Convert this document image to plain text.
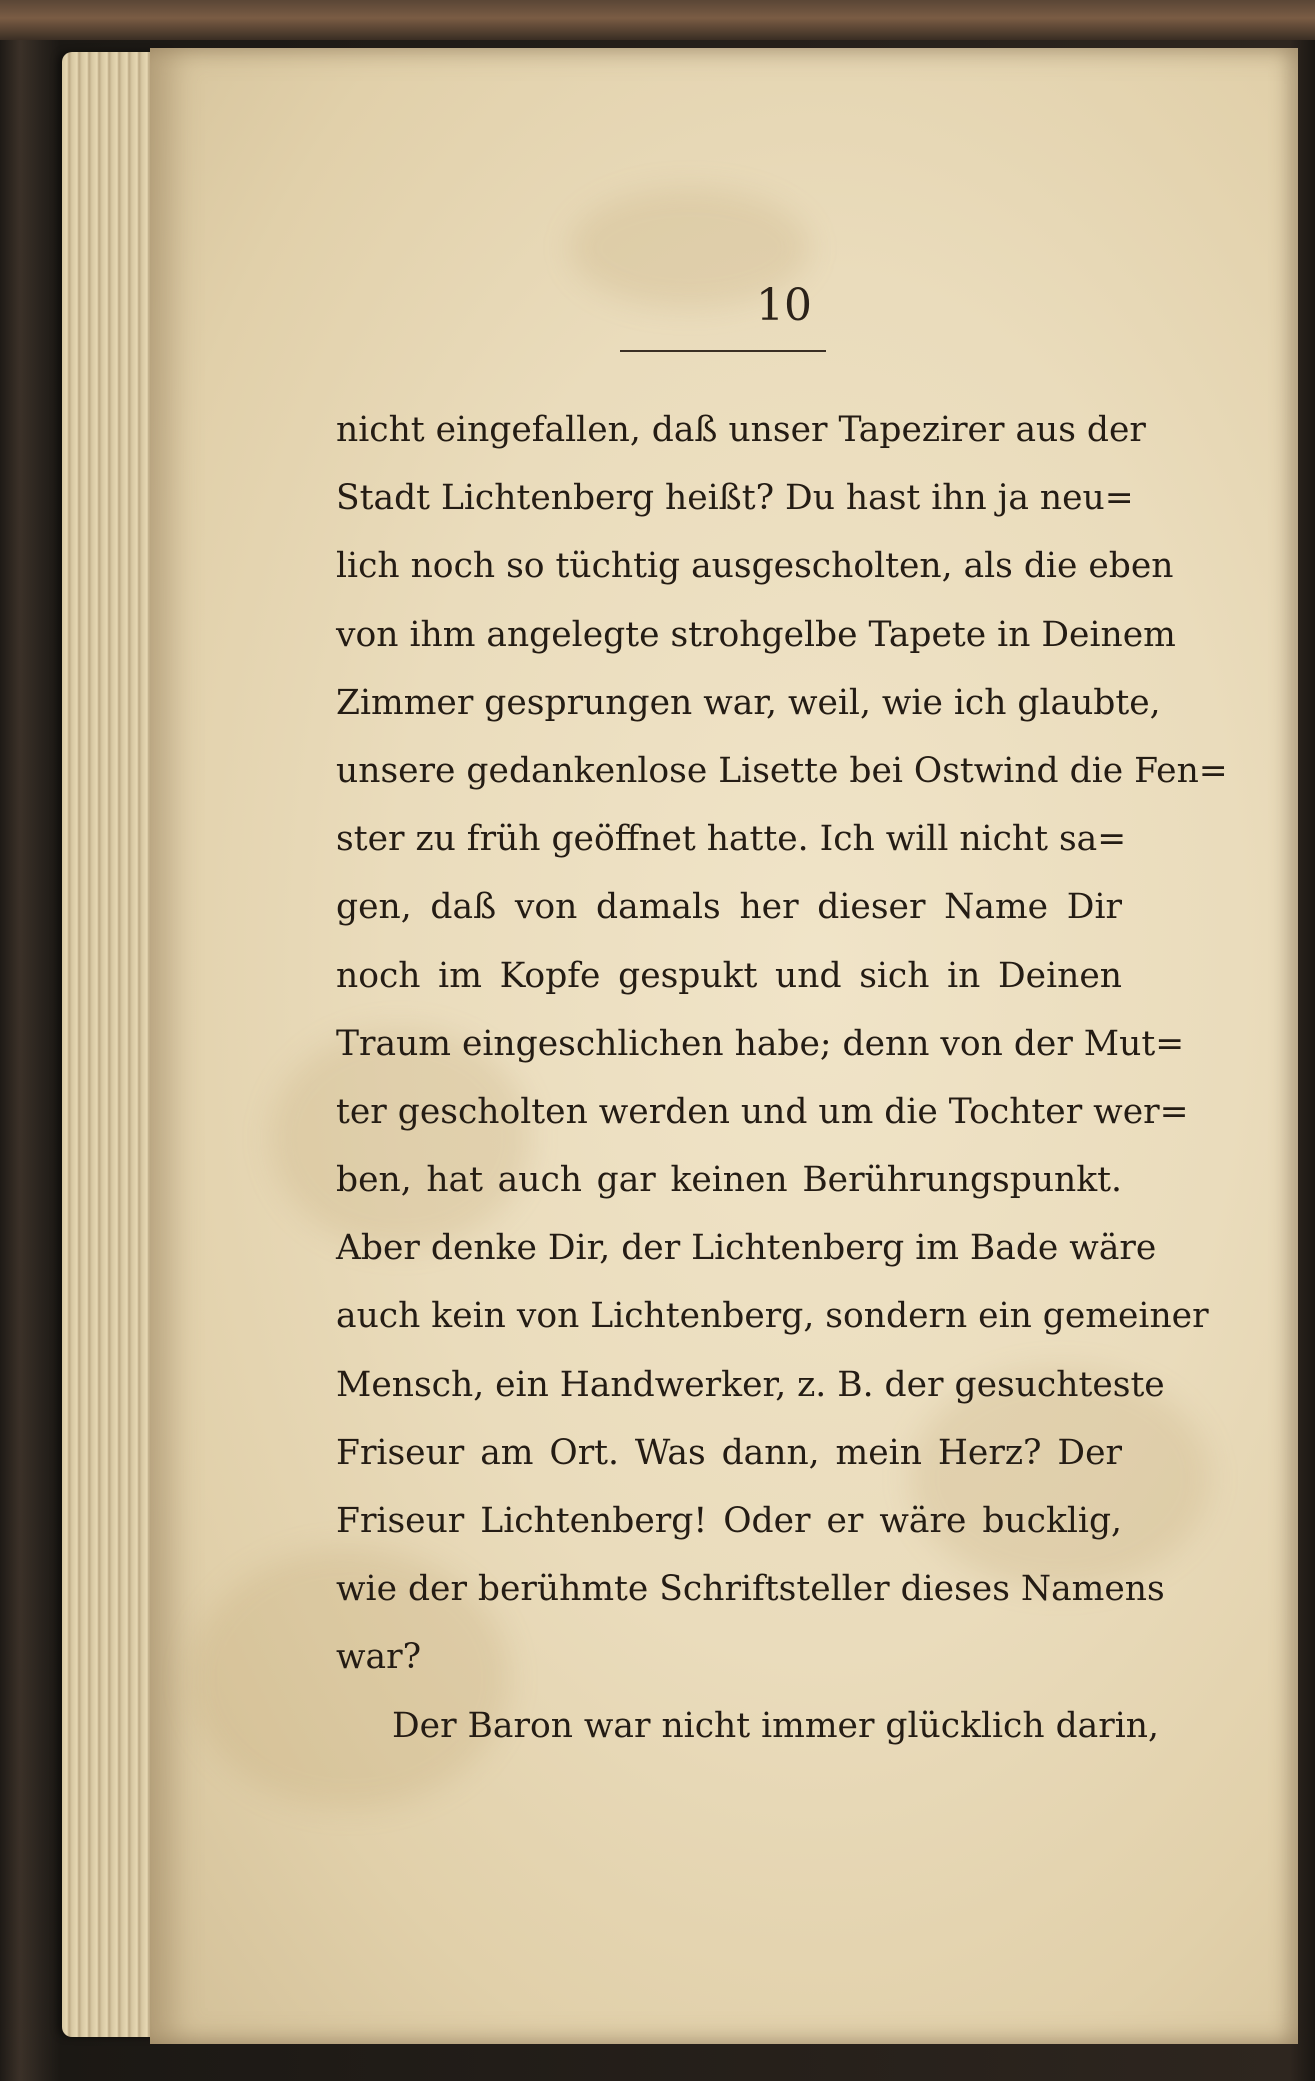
10
nicht eingefallen, daß unser Tapezirer aus der
Stadt Lichtenberg heißt? Du hast ihn ja neu=
lich noch so tüchtig ausgescholten, als die eben
von ihm angelegte strohgelbe Tapete in Deinem
Zimmer gesprungen war, weil, wie ich glaubte,
unsere gedankenlose Lisette bei Ostwind die Fen=
ster zu früh geöffnet hatte. Ich will nicht sa=
gen, daß von damals her dieser Name Dir
noch im Kopfe gespukt und sich in Deinen
Traum eingeschlichen habe; denn von der Mut=
ter gescholten werden und um die Tochter wer=
ben, hat auch gar keinen Berührungspunkt.
Aber denke Dir, der Lichtenberg im Bade wäre
auch kein von Lichtenberg, sondern ein gemeiner
Mensch, ein Handwerker, z. B. der gesuchteste
Friseur am Ort. Was dann, mein Herz? Der
Friseur Lichtenberg! Oder er wäre bucklig,
wie der berühmte Schriftsteller dieses Namens
war?
Der Baron war nicht immer glücklich darin,
